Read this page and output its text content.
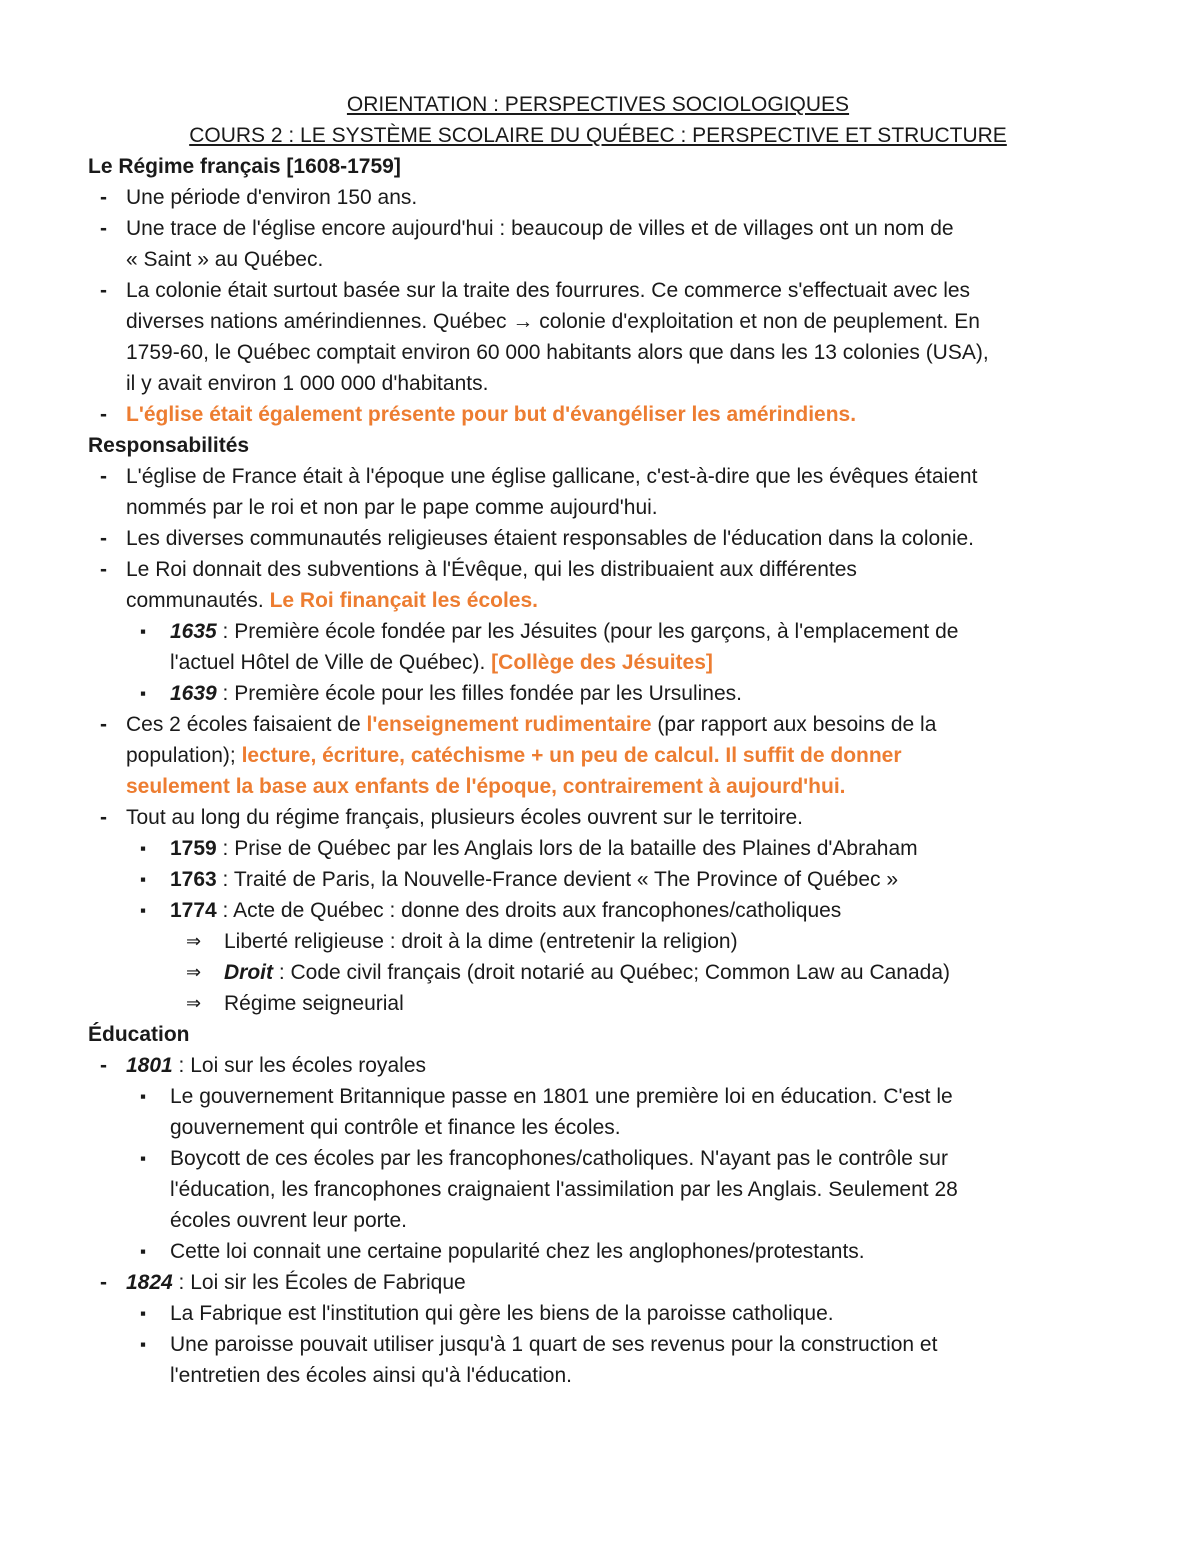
ORIENTATION : PERSPECTIVES SOCIOLOGIQUES

COURS 2 : LE SYSTÈME SCOLAIRE DU QUÉBEC : PERSPECTIVE ET STRUCTURE

Le Régime français [1608-1759]

- Une période d'environ 150 ans.

- Une trace de l'église encore aujourd'hui : beaucoup de villes et de villages ont un nom de

« Saint » au Québec.

- La colonie était surtout basée sur la traite des fourrures. Ce commerce s'effectuait avec les

diverses nations amérindiennes. Québec → colonie d'exploitation et non de peuplement. En

1759-60, le Québec comptait environ 60 000 habitants alors que dans les 13 colonies (USA),

il y avait environ 1 000 000 d'habitants.

- L'église était également présente pour but d'évangéliser les amérindiens.

Responsabilités

- L'église de France était à l'époque une église gallicane, c'est-à-dire que les évêques étaient

nommés par le roi et non par le pape comme aujourd'hui.

- Les diverses communautés religieuses étaient responsables de l'éducation dans la colonie.

- Le Roi donnait des subventions à l'Évêque, qui les distribuaient aux différentes

communautés. Le Roi finançait les écoles.

▪ 1635 : Première école fondée par les Jésuites (pour les garçons, à l'emplacement de

l'actuel Hôtel de Ville de Québec). [Collège des Jésuites]

▪ 1639 : Première école pour les filles fondée par les Ursulines.

- Ces 2 écoles faisaient de l'enseignement rudimentaire (par rapport aux besoins de la

population); lecture, écriture, catéchisme + un peu de calcul. Il suffit de donner

seulement la base aux enfants de l'époque, contrairement à aujourd'hui.

- Tout au long du régime français, plusieurs écoles ouvrent sur le territoire.

▪ 1759 : Prise de Québec par les Anglais lors de la bataille des Plaines d'Abraham

▪ 1763 : Traité de Paris, la Nouvelle-France devient « The Province of Québec »

▪ 1774 : Acte de Québec : donne des droits aux francophones/catholiques

⇒ Liberté religieuse : droit à la dime (entretenir la religion)

⇒ Droit : Code civil français (droit notarié au Québec; Common Law au Canada)

⇒ Régime seigneurial

Éducation

- 1801 : Loi sur les écoles royales

▪ Le gouvernement Britannique passe en 1801 une première loi en éducation. C'est le

gouvernement qui contrôle et finance les écoles.

▪ Boycott de ces écoles par les francophones/catholiques. N'ayant pas le contrôle sur

l'éducation, les francophones craignaient l'assimilation par les Anglais. Seulement 28

écoles ouvrent leur porte.

▪ Cette loi connait une certaine popularité chez les anglophones/protestants.

- 1824 : Loi sir les Écoles de Fabrique

▪ La Fabrique est l'institution qui gère les biens de la paroisse catholique.

▪ Une paroisse pouvait utiliser jusqu'à 1 quart de ses revenus pour la construction et

l'entretien des écoles ainsi qu'à l'éducation.
